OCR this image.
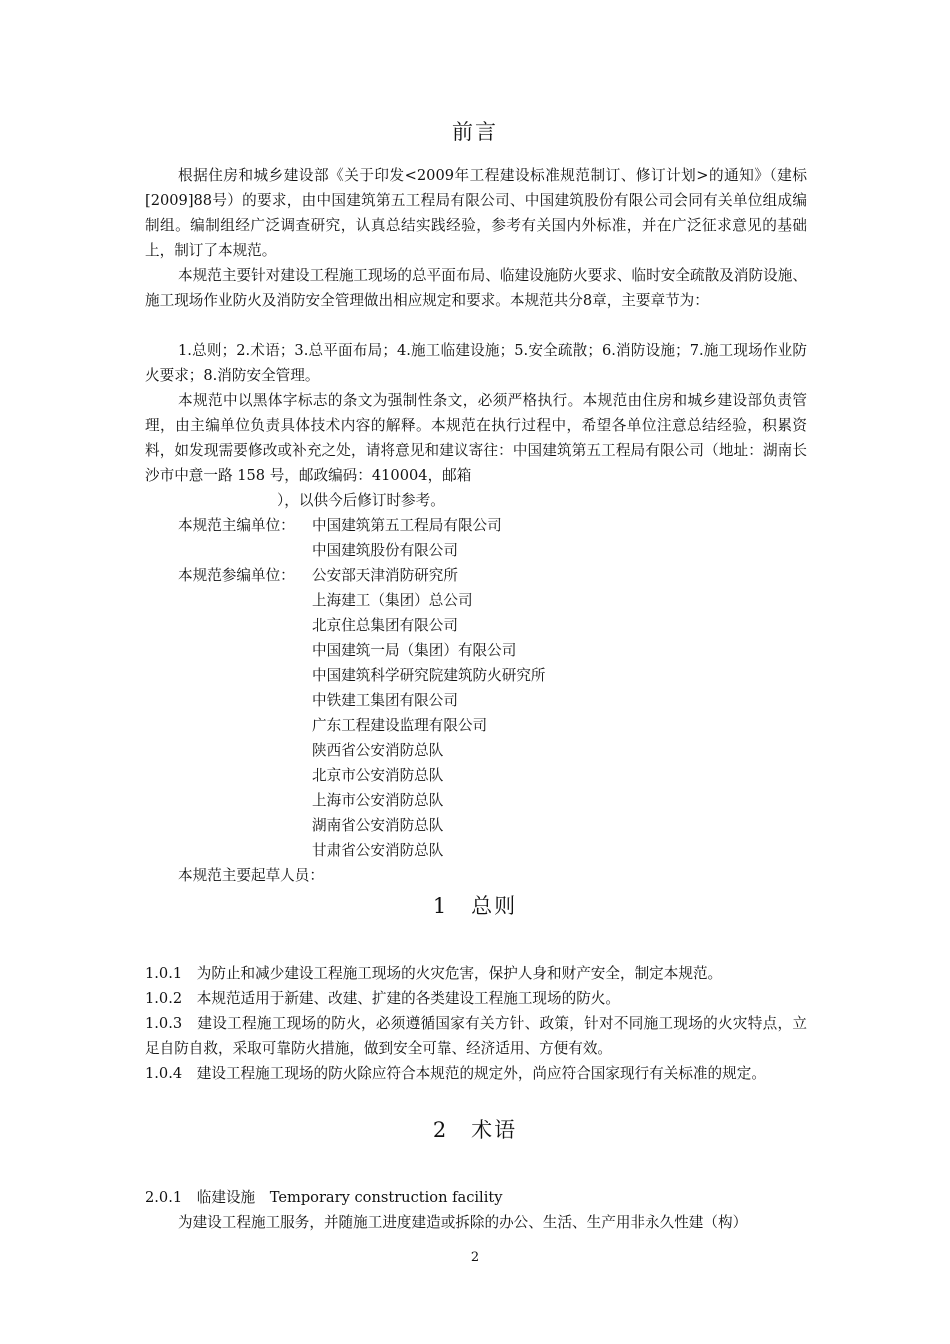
前言

根据住房和城乡建设部《关于印发<2009年工程建设标准规范制订、修订计划>的通知》（建标[2009]88号）的要求，由中国建筑第五工程局有限公司、中国建筑股份有限公司会同有关单位组成编制组。编制组经广泛调查研究，认真总结实践经验，参考有关国内外标准，并在广泛征求意见的基础上，制订了本规范。

本规范主要针对建设工程施工现场的总平面布局、临建设施防火要求、临时安全疏散及消防设施、施工现场作业防火及消防安全管理做出相应规定和要求。本规范共分8章，主要章节为：

1.总则；2.术语；3.总平面布局；4.施工临建设施；5.安全疏散；6.消防设施；7.施工现场作业防火要求；8.消防安全管理。

本规范中以黑体字标志的条文为强制性条文，必须严格执行。本规范由住房和城乡建设部负责管理，由主编单位负责具体技术内容的解释。本规范在执行过程中，希望各单位注意总结经验，积累资料，如发现需要修改或补充之处，请将意见和建议寄往：中国建筑第五工程局有限公司（地址：湖南长沙市中意一路 158 号，邮政编码：410004，邮箱

），以供今后修订时参考。
本规范主编单位： 中国建筑第五工程局有限公司
中国建筑股份有限公司
本规范参编单位： 公安部天津消防研究所
上海建工（集团）总公司
北京住总集团有限公司
中国建筑一局（集团）有限公司
中国建筑科学研究院建筑防火研究所
中铁建工集团有限公司
广东工程建设监理有限公司
陕西省公安消防总队
北京市公安消防总队
上海市公安消防总队
湖南省公安消防总队
甘肃省公安消防总队
本规范主要起草人员：
1　总则

1.0.1　 为防止和减少建设工程施工现场的火灾危害，保护人身和财产安全，制定本规范。

1.0.2　 本规范适用于新建、改建、扩建的各类建设工程施工现场的防火。

1.0.3　 建设工程施工现场的防火，必须遵循国家有关方针、政策，针对不同施工现场的火灾特点，立足自防自救，采取可靠防火措施，做到安全可靠、经济适用、方便有效。

1.0.4　 建设工程施工现场的防火除应符合本规范的规定外，尚应符合国家现行有关标准的规定。

2　术语
2.0.1　 临建设施　 Temporary construction facility

为建设工程施工服务，并随施工进度建造或拆除的办公、生活、生产用非永久性建（构）

2
